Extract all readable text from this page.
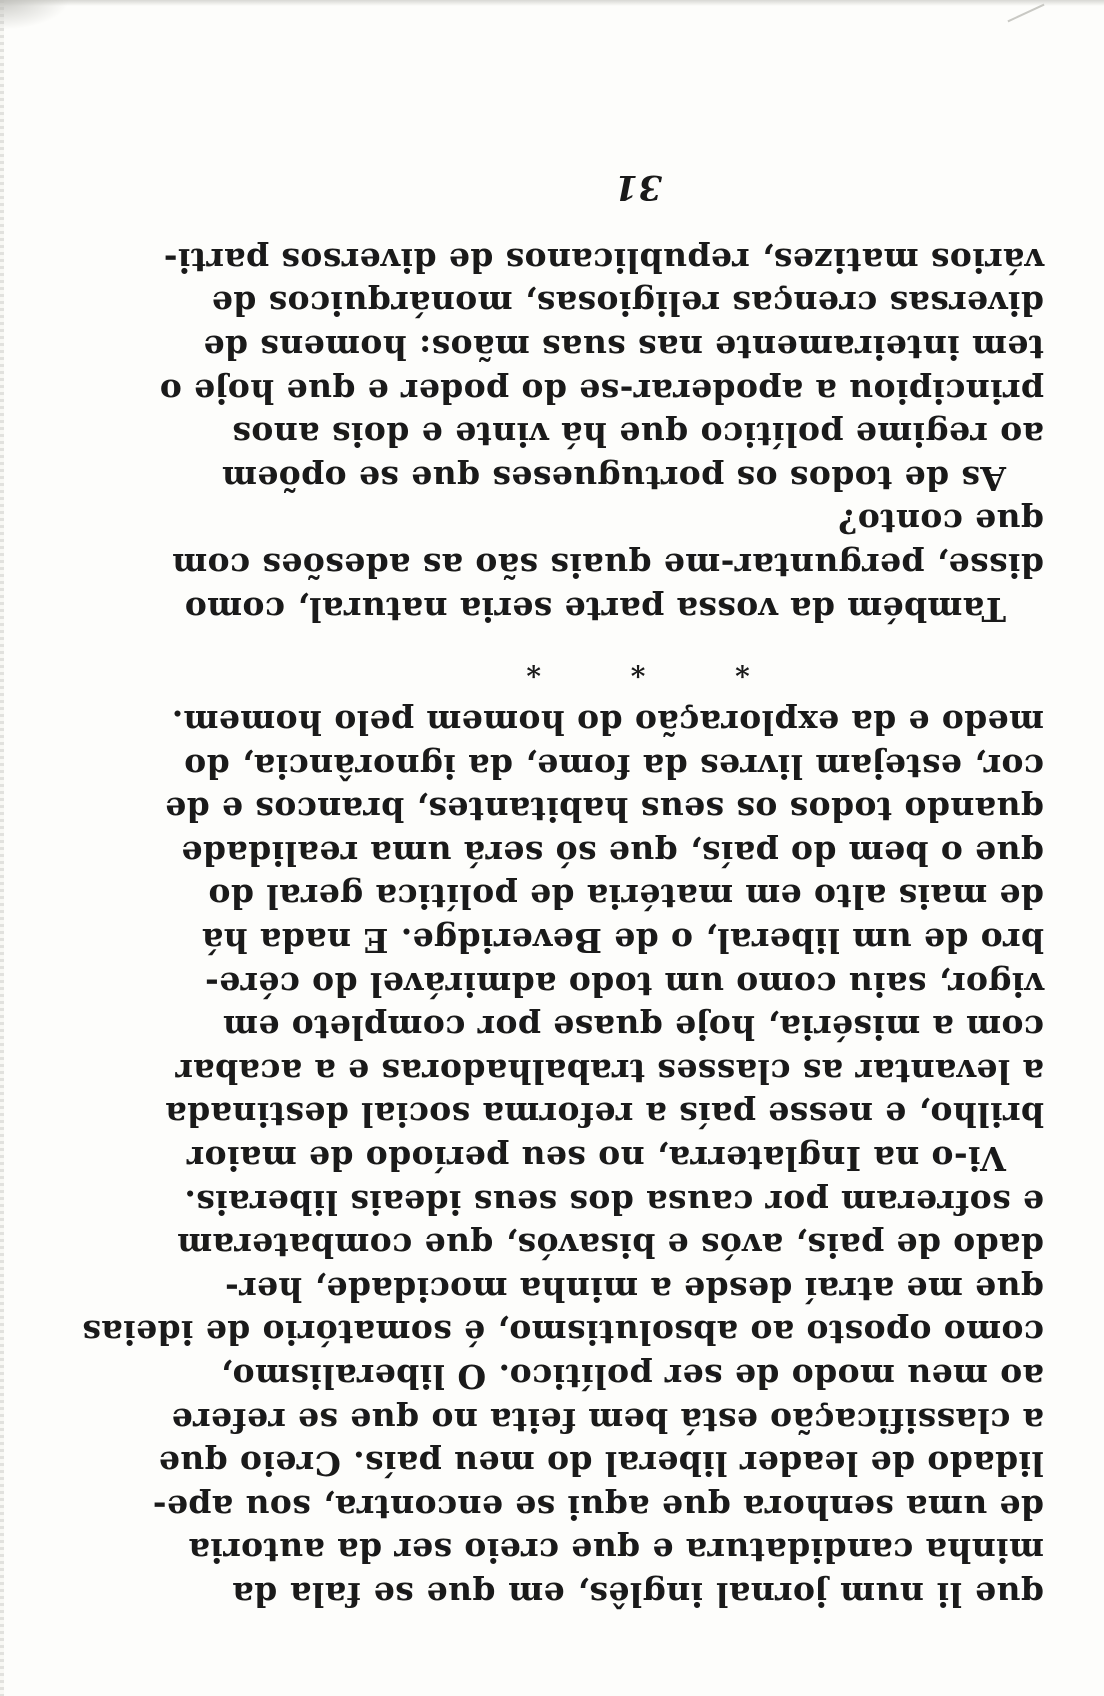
que li num jornal inglês, em que se fala da
minha candidatura e que creio ser da autoria
de uma senhora que aqui se encontra, sou ape-
lidado de leader liberal do meu país. Creio que
a classificação está bem feita no que se refere
ao meu modo de ser político. O liberalismo,
como oposto ao absolutismo, é somatório de ideias
que me atraí desde a minha mocidade, her-
dado de pais, avós e bisavós, que combateram
e sofreram por causa dos seus ideais liberais.
Vi-o na Inglaterra, no seu período de maior
brilho, e nesse país a reforma social destinada
a levantar as classes trabalhadoras e a acabar
com a miséria, hoje quase por completo em
vigor, saiu como um todo admirável do cére-
bro de um liberal, o de Beveridge. E nada há
de mais alto em matéria de política geral do
que o bem do país, que só será uma realidade
quando todos os seus habitantes, brancos e de
cor, estejam livres da fome, da ignorância, do
medo e da exploração do homem pelo homem.
* * *
Também da vossa parte seria natural, como
disse, perguntar-me quais são as adesões com
que conto?
As de todos os portugueses que se opõem
ao regime político que há vinte e dois anos
principiou a apoderar-se do poder e que hoje o
tem inteiramente nas suas mãos: homens de
diversas crenças religiosas, monárquicos de
vários matizes, republicanos de diversos parti-
31
